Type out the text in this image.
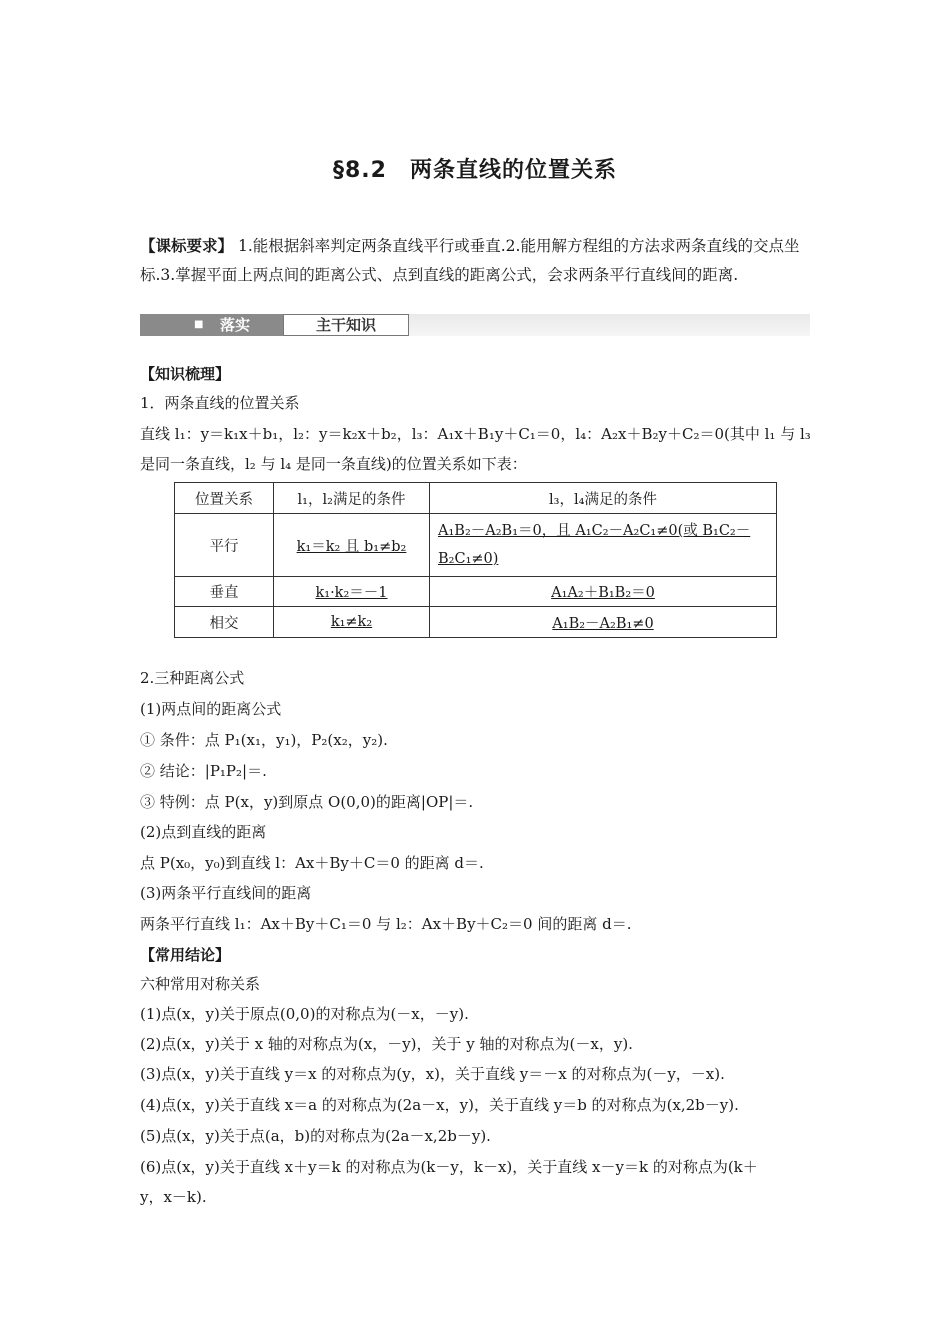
§8.2　两条直线的位置关系
【课标要求】 1.能根据斜率判定两条直线平行或垂直.2.能用解方程组的方法求两条直线的交点坐标.3.掌握平面上两点间的距离公式、点到直线的距离公式，会求两条平行直线间的距离.
■ 落实	主干知识
【知识梳理】
1．两条直线的位置关系
直线 l₁：y＝k₁x＋b₁，l₂：y＝k₂x＋b₂，l₃：A₁x＋B₁y＋C₁＝0，l₄：A₂x＋B₂y＋C₂＝0(其中 l₁ 与 l₃
是同一条直线，l₂ 与 l₄ 是同一条直线)的位置关系如下表：
位置关系	l₁，l₂满足的条件	l₃，l₄满足的条件
平行	k₁＝k₂ 且 b₁≠b₂	A₁B₂－A₂B₁＝0，且 A₁C₂－A₂C₁≠0(或 B₁C₂－B₂C₁≠0)
垂直	k₁·k₂＝－1	A₁A₂＋B₁B₂＝0
相交	k₁≠k₂	A₁B₂－A₂B₁≠0
2.三种距离公式
(1)两点间的距离公式
① 条件：点 P₁(x₁，y₁)，P₂(x₂，y₂).
② 结论：|P₁P₂|＝.
③ 特例：点 P(x，y)到原点 O(0,0)的距离|OP|＝.
(2)点到直线的距离
点 P(x₀，y₀)到直线 l：Ax＋By＋C＝0 的距离 d＝.
(3)两条平行直线间的距离
两条平行直线 l₁：Ax＋By＋C₁＝0 与 l₂：Ax＋By＋C₂＝0 间的距离 d＝.
【常用结论】
六种常用对称关系
(1)点(x，y)关于原点(0,0)的对称点为(－x，－y).
(2)点(x，y)关于 x 轴的对称点为(x，－y)，关于 y 轴的对称点为(－x，y).
(3)点(x，y)关于直线 y＝x 的对称点为(y，x)，关于直线 y＝－x 的对称点为(－y，－x).
(4)点(x，y)关于直线 x＝a 的对称点为(2a－x，y)，关于直线 y＝b 的对称点为(x,2b－y).
(5)点(x，y)关于点(a，b)的对称点为(2a－x,2b－y).
(6)点(x，y)关于直线 x＋y＝k 的对称点为(k－y，k－x)，关于直线 x－y＝k 的对称点为(k＋
y，x－k).
